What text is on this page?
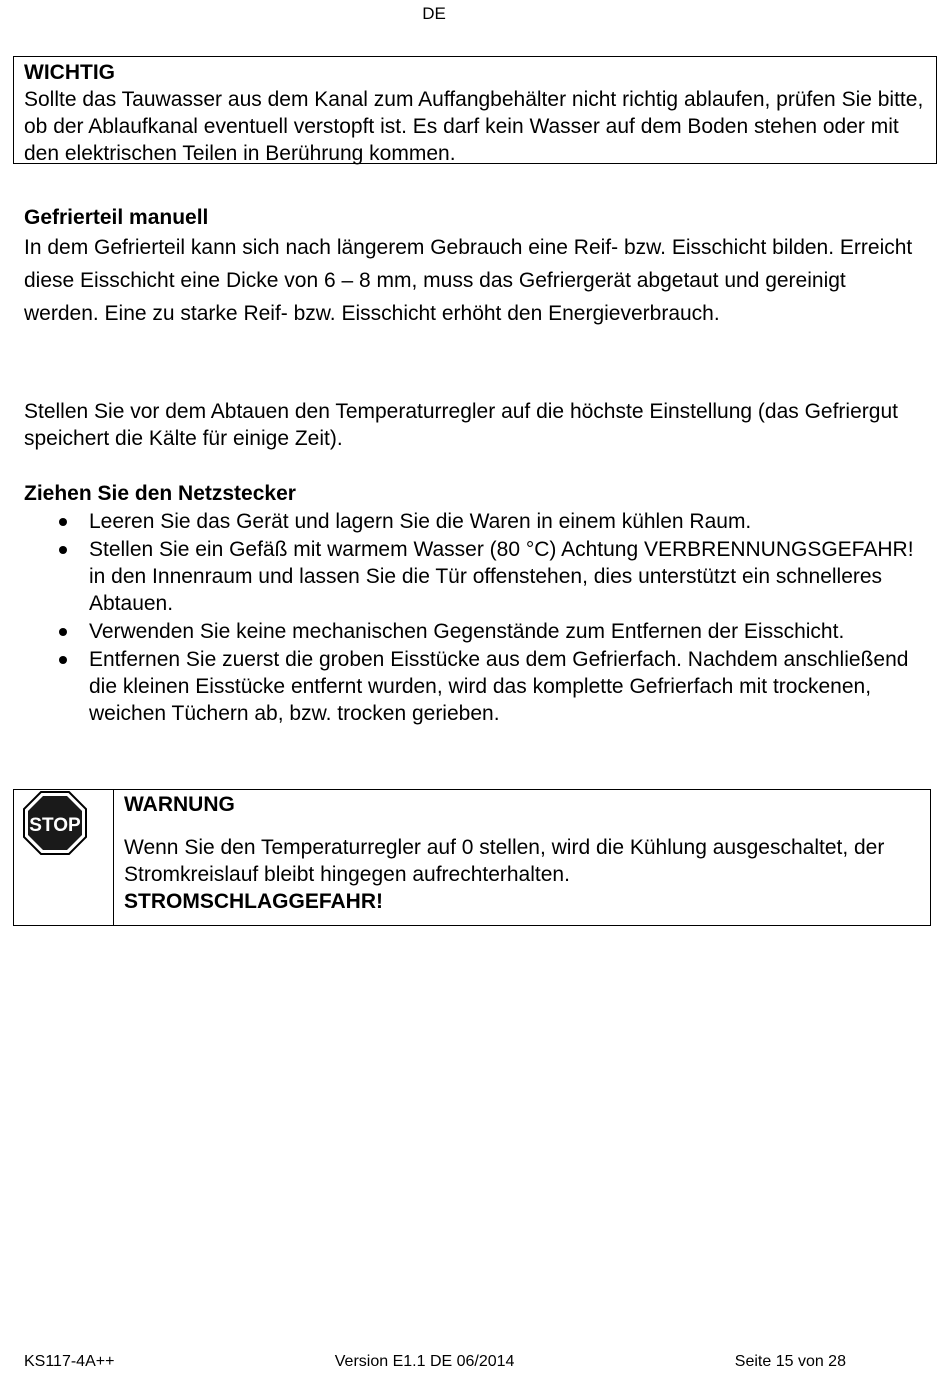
DE
WICHTIG
Sollte das Tauwasser aus dem Kanal zum Auffangbehälter nicht richtig ablaufen, prüfen Sie bitte, ob der Ablaufkanal eventuell verstopft ist. Es darf kein Wasser auf dem Boden stehen oder mit den elektrischen Teilen in Berührung kommen.
Gefrierteil manuell
In dem Gefrierteil kann sich nach längerem Gebrauch eine Reif- bzw. Eisschicht bilden. Erreicht diese Eisschicht eine Dicke von 6 – 8 mm, muss das Gefriergerät abgetaut und gereinigt werden. Eine zu starke Reif- bzw. Eisschicht erhöht den Energieverbrauch.
Stellen Sie vor dem Abtauen den Temperaturregler auf die höchste Einstellung (das Gefriergut speichert die Kälte für einige Zeit).
Ziehen Sie den Netzstecker
Leeren Sie das Gerät und lagern Sie die Waren in einem kühlen Raum.
Stellen Sie ein Gefäß mit warmem Wasser (80 °C) Achtung VERBRENNUNGSGEFAHR! in den Innenraum und lassen Sie die Tür offenstehen, dies unterstützt ein schnelleres Abtauen.
Verwenden Sie keine mechanischen Gegenstände zum Entfernen der Eisschicht.
Entfernen Sie zuerst die groben Eisstücke aus dem Gefrierfach. Nachdem anschließend die kleinen Eisstücke entfernt wurden, wird das komplette Gefrierfach mit trockenen, weichen Tüchern ab, bzw. trocken gerieben.
STOP
WARNUNG
Wenn Sie den Temperaturregler auf 0 stellen, wird die Kühlung ausgeschaltet, der Stromkreislauf bleibt hingegen aufrechterhalten.
STROMSCHLAGGEFAHR!
KS117-4A++	Version E1.1 DE 06/2014	Seite 15 von 28
